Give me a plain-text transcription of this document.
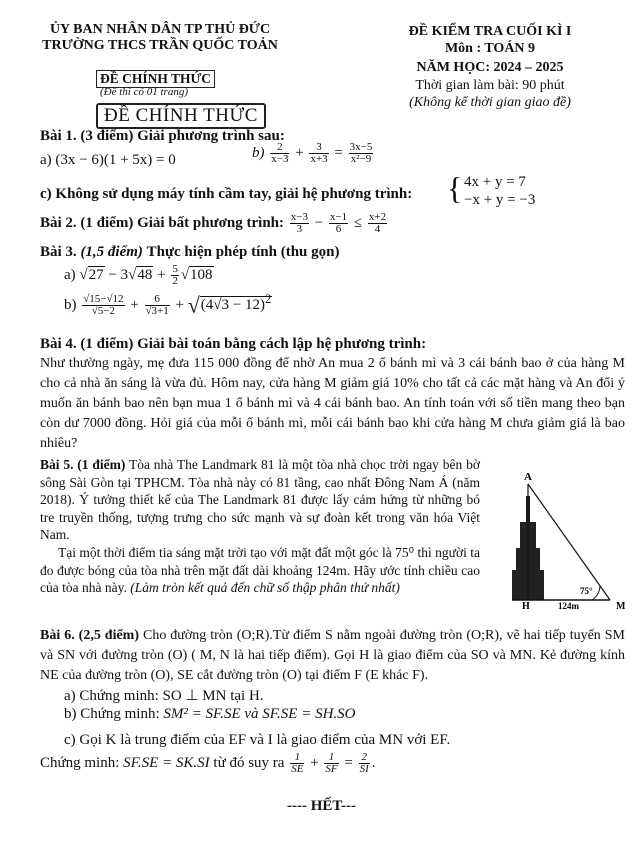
ỦY BAN NHÂN DÂN TP THỦ ĐỨC
TRƯỜNG THCS TRẦN QUỐC TOẢN
ĐỀ CHÍNH THỨC
(Đề thi có 01 trang)
ĐỀ CHÍNH THỨC
ĐỀ KIỂM TRA CUỐI KÌ I
Môn : TOÁN 9
NĂM HỌC: 2024 – 2025
Thời gian làm bài: 90 phút
(Không kể thời gian giao đề)
Bài 1. (3 điểm) Giải phương trình sau:
a) (3x − 6)(1 + 5x) = 0	$b) \frac{2}{x-3} + \frac{3}{x+3} = \frac{3x-5}{\text{x²−9}}$
c) Không sử dụng máy tính cầm tay, giải hệ phương trình: { 4x + y = 7
−x + y = −3
Bài 2. (1 điểm) Giải bất phương trình: $\frac{x-3}{3} - \frac{x-1}{6} \le \frac{x+2}{4}$
Bài 3. (1,5 điểm) Thực hiện phép tính (thu gọn)
a) $√27 - 3√48 + \frac{5}{2} √108$
$b) \frac{√15-√12}{√5-2} + \frac{6}{√3+1} + √(4√3 - 12)^2$
Bài 4. (1 điểm) Giải bài toán bằng cách lập hệ phương trình:
Như thường ngày, mẹ đưa 115 000 đồng để nhờ An mua 2 ổ bánh mì và 3 cái bánh bao ở của hàng M cho cả nhà ăn sáng là vừa đủ. Hôm nay, cửa hàng M giảm giá 10% cho tất cả các mặt hàng và An đổi ý muốn ăn bánh bao nên bạn mua 1 ổ bánh mì và 4 cái bánh bao. An tính toán với số tiền mang theo bạn còn dư 7000 đồng. Hỏi giá của mỗi ổ bánh mì, mỗi cái bánh bao khi cửa hàng M chưa giảm giá là bao nhiêu?
Bài 5. (1 điểm) Tòa nhà The Landmark 81 là một tòa nhà chọc trời ngay bên bờ sông Sài Gòn tại TPHCM. Tòa nhà này có 81 tầng, cao nhất Đông Nam Á (năm 2018). Ý tưởng thiết kế của The Landmark 81 được lấy cảm hứng từ những bó tre truyền thống, tượng trưng cho sức mạnh và sự đoàn kết trong văn hóa Việt Nam.
Tại một thời điểm tia sáng mặt trời tạo với mặt đất một góc là 75⁰ thì người ta đo được bóng của tòa nhà trên mặt đất dài khoảng 124m. Hãy ước tính chiều cao của tòa nhà này. (Làm tròn kết quả đến chữ số thập phân thứ nhất)
A
H	M
124m
75°
Bài 6. (2,5 điểm) Cho đường tròn (O;R).Từ điểm S nằm ngoài đường tròn (O;R), vẽ hai tiếp tuyến SM và SN với đường tròn (O) ( M, N là hai tiếp điểm). Gọi H là giao điểm của SO và MN. Kẻ đường kính NE của đường tròn (O), SE cắt đường tròn (O) tại điểm F (E khác F).
a) Chứng minh: SO ⊥ MN tại H.
b) Chứng minh: SM² = SF.SE và SF.SE = SH.SO
c) Gọi K là trung điểm của EF và I là giao điểm của MN với EF.
Chứng minh: SF.SE = SK.SI từ đó suy ra $\frac{1}{SE} + \frac{1}{SF} = \frac{2}{SI}$ .
---- HẾT---
